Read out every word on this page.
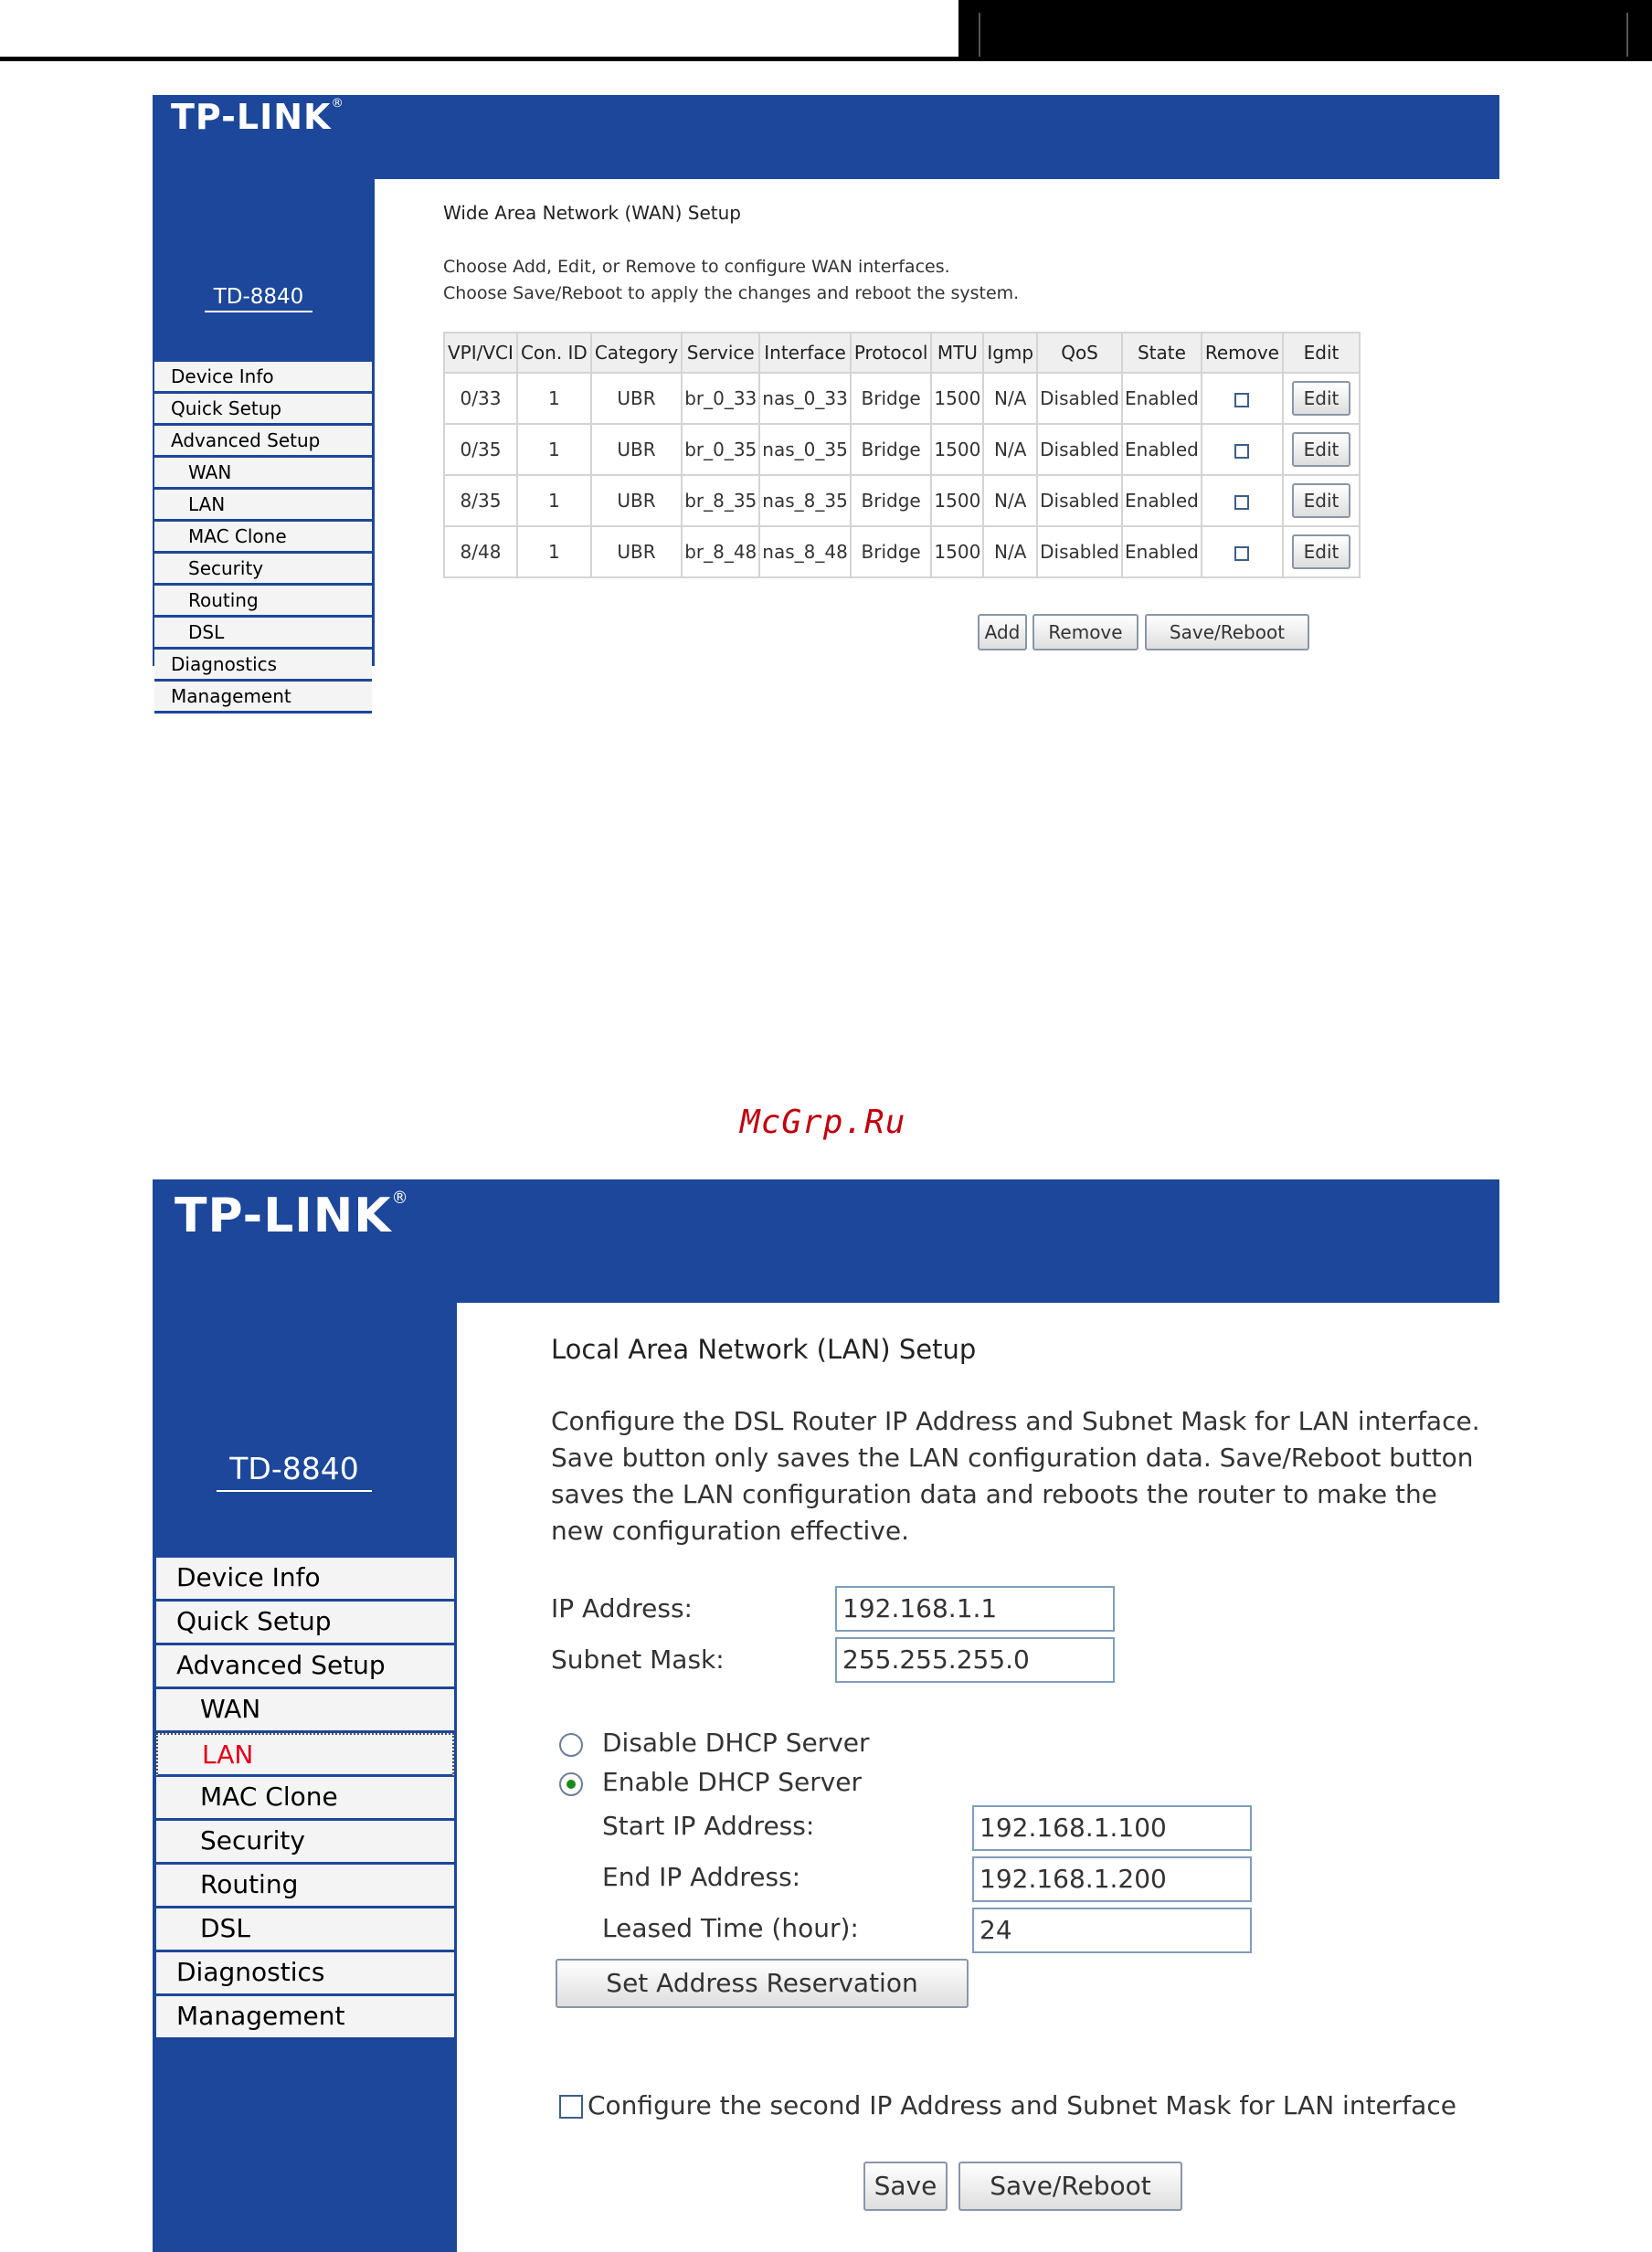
TP-LINK®
TD-8840
Device Info
Quick Setup
Advanced Setup
WAN
LAN
MAC Clone
Security
Routing
DSL
Diagnostics
Management
Wide Area Network (WAN) Setup
Choose Add, Edit, or Remove to configure WAN interfaces.
Choose Save/Reboot to apply the changes and reboot the system.
VPI/VCI	Con. ID	Category	Service	Interface	Protocol	MTU	Igmp	QoS	State	Remove	Edit
0/33	1	UBR	br_0_33	nas_0_33	Bridge	1500	N/A	Disabled	Enabled		Edit
0/35	1	UBR	br_0_35	nas_0_35	Bridge	1500	N/A	Disabled	Enabled		Edit
8/35	1	UBR	br_8_35	nas_8_35	Bridge	1500	N/A	Disabled	Enabled		Edit
8/48	1	UBR	br_8_48	nas_8_48	Bridge	1500	N/A	Disabled	Enabled		Edit
Add	Remove	Save/Reboot
McGrp.Ru
TP-LINK®
TD-8840
Device Info
Quick Setup
Advanced Setup
WAN
LAN
MAC Clone
Security
Routing
DSL
Diagnostics
Management
Local Area Network (LAN) Setup
Configure the DSL Router IP Address and Subnet Mask for LAN interface. Save button only saves the LAN configuration data. Save/Reboot button saves the LAN configuration data and reboots the router to make the new configuration effective.
IP Address:	192.168.1.1
Subnet Mask:	255.255.255.0
Disable DHCP Server
Enable DHCP Server
Start IP Address:	192.168.1.100
End IP Address:	192.168.1.200
Leased Time (hour):	24
Set Address Reservation
Configure the second IP Address and Subnet Mask for LAN interface
Save	Save/Reboot
